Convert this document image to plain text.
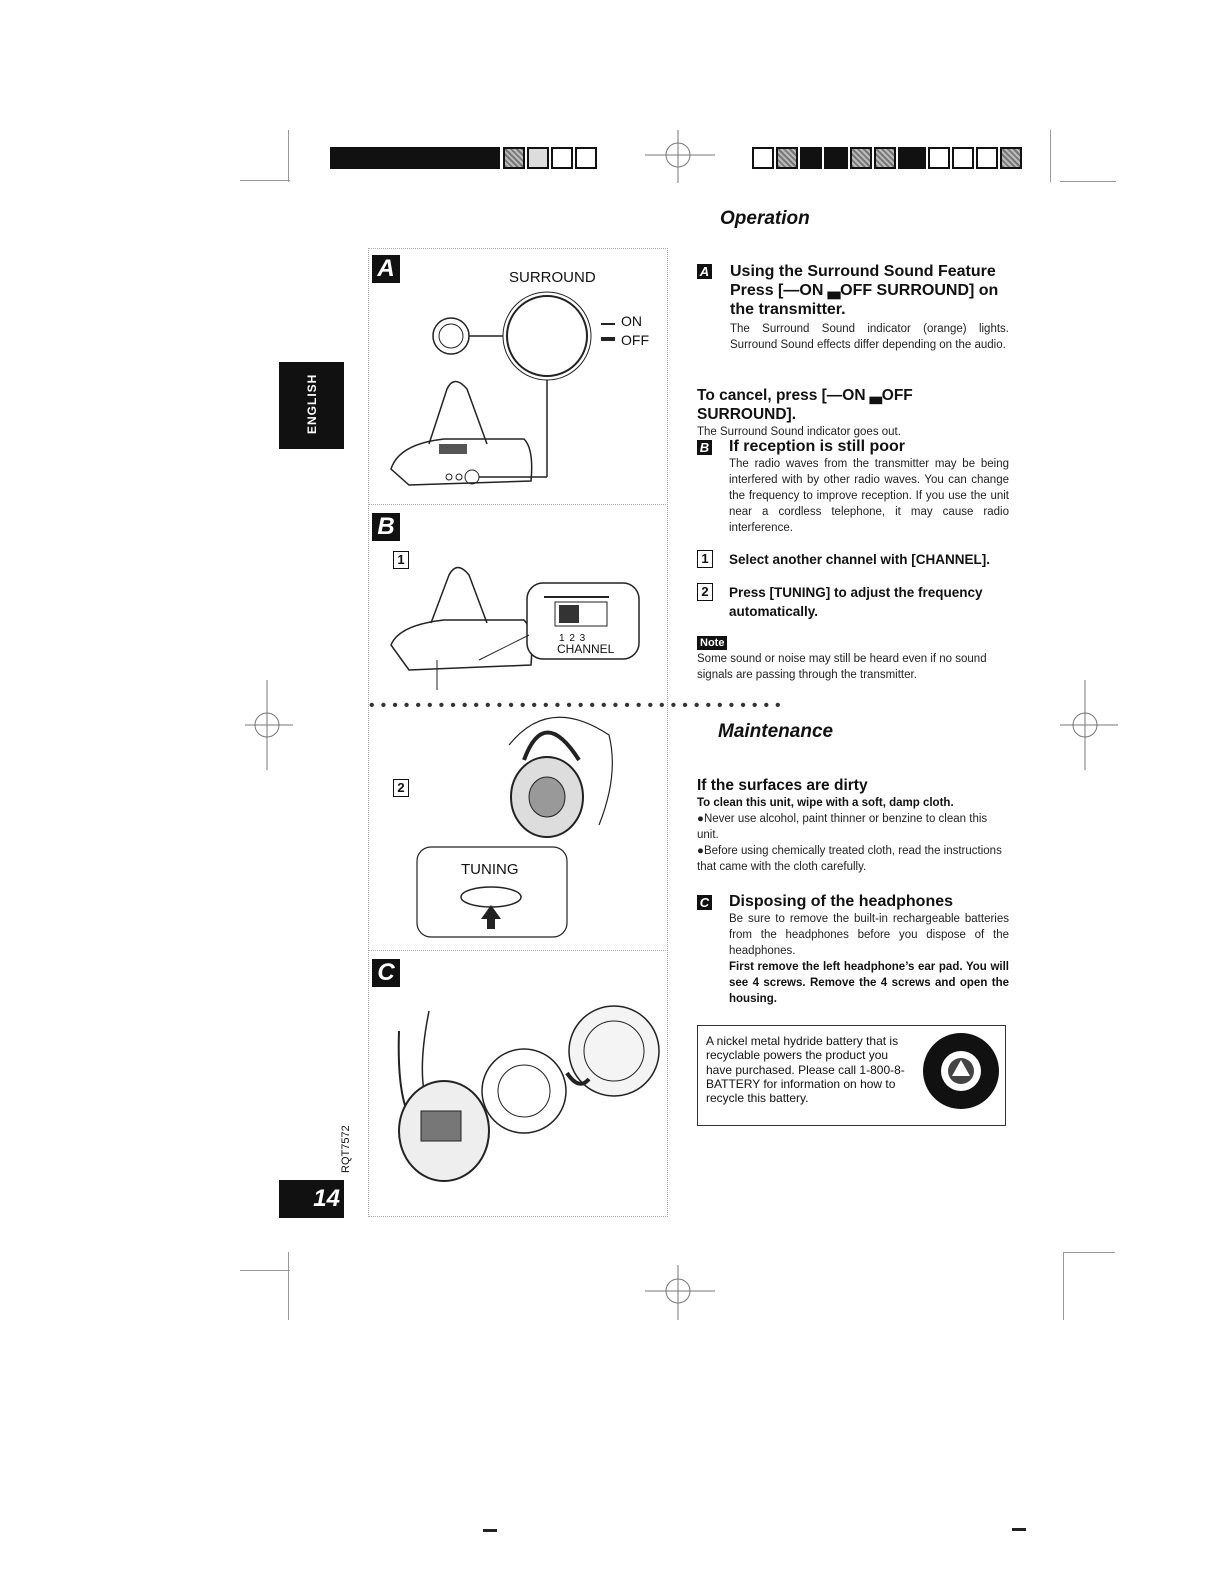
ENGLISH
RQT7572
14
Operation
A	SURROUND
ON
OFF
B
1
••••••••••••••••••••••••••••••••••••
1 2 3
CHANNEL
2
TUNING
C
A Using the Surround Sound Feature
Press [―ON ▃OFF SURROUND] on the transmitter.
The Surround Sound indicator (orange) lights. Surround Sound effects differ depending on the audio.
To cancel, press [―ON ▃OFF SURROUND].
The Surround Sound indicator goes out.
B If reception is still poor
The radio waves from the transmitter may be being interfered with by other radio waves. You can change the frequency to improve reception. If you use the unit near a cordless telephone, it may cause radio interference.
1	Select another channel with [CHANNEL].
2	Press [TUNING] to adjust the frequency automatically.
Note
Some sound or noise may still be heard even if no sound signals are passing through the transmitter.
Maintenance
If the surfaces are dirty
To clean this unit, wipe with a soft, damp cloth.
●Never use alcohol, paint thinner or benzine to clean this unit.
●Before using chemically treated cloth, read the instructions that came with the cloth carefully.
C Disposing of the headphones
Be sure to remove the built-in rechargeable batteries from the headphones before you dispose of the headphones.
First remove the left headphone’s ear pad. You will see 4 screws. Remove the 4 screws and open the housing.
A nickel metal hydride battery that is recyclable powers the product you have purchased. Please call 1-800-8-BATTERY for information on how to recycle this battery.
